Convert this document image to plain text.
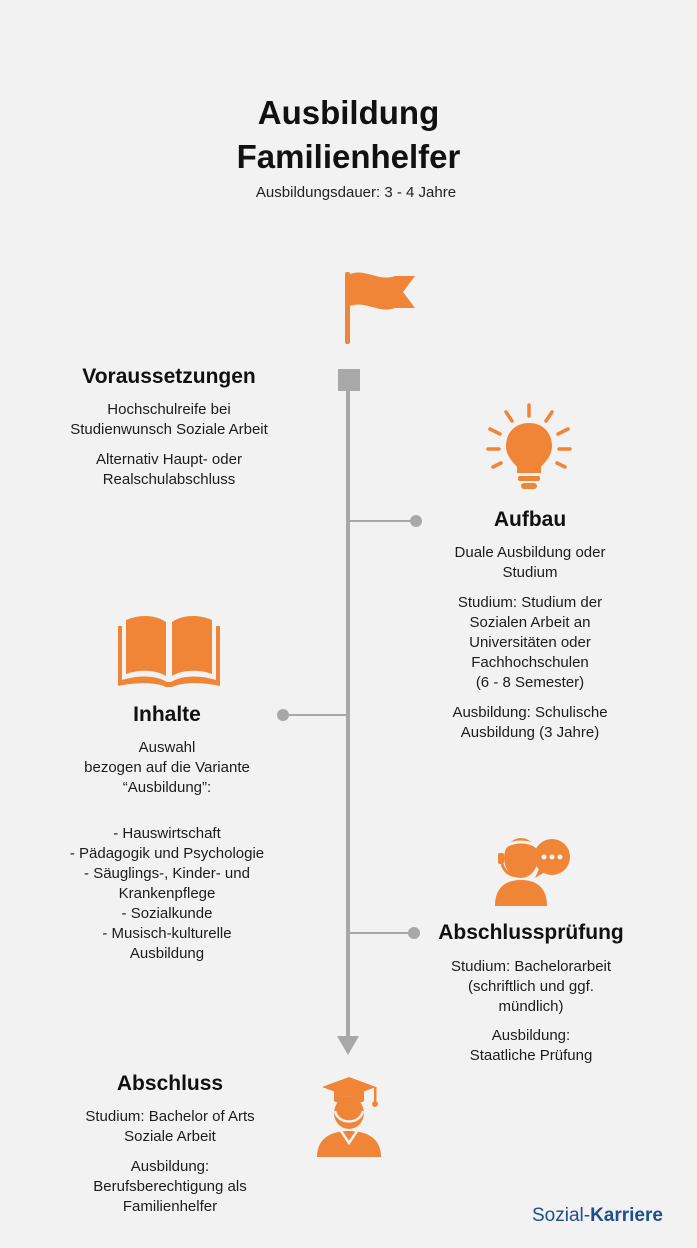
Ausbildung
Familienhelfer
Ausbildungsdauer: 3 - 4 Jahre
Voraussetzungen
Hochschulreife bei
Studienwunsch Soziale Arbeit
Alternativ Haupt- oder
Realschulabschluss
Aufbau
Duale Ausbildung oder
Studium
Studium: Studium der
Sozialen Arbeit an
Universitäten oder
Fachhochschulen
(6 - 8 Semester)
Ausbildung: Schulische
Ausbildung (3 Jahre)
Inhalte
Auswahl
bezogen auf die Variante
“Ausbildung”:
- Hauswirtschaft
- Pädagogik und Psychologie
- Säuglings-, Kinder- und
Krankenpflege
- Sozialkunde
- Musisch-kulturelle
Ausbildung
Abschlussprüfung
Studium: Bachelorarbeit
(schriftlich und ggf.
mündlich)
Ausbildung:
Staatliche Prüfung
Abschluss
Studium: Bachelor of Arts
Soziale Arbeit
Ausbildung:
Berufsberechtigung als
Familienhelfer	Sozial-Karriere
